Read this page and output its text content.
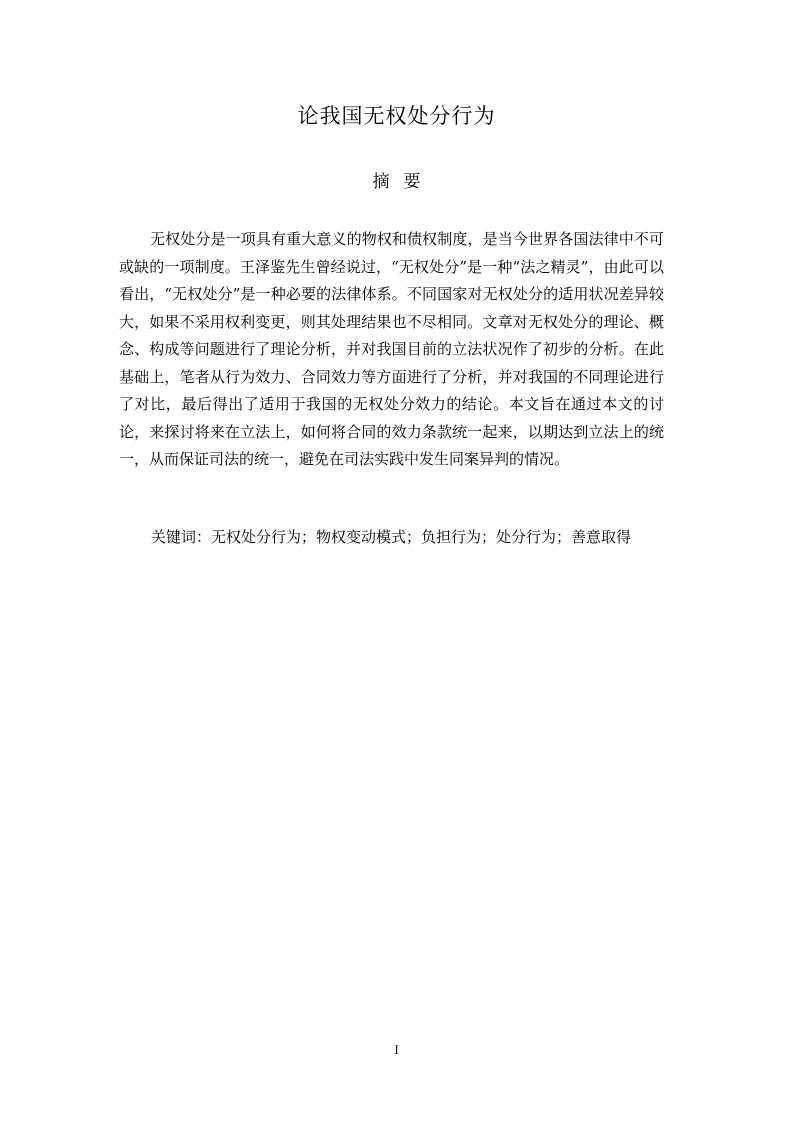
论我国无权处分行为
摘要

无权处分是一项具有重大意义的物权和债权制度，是当今世界各国法律中不可或缺的一项制度。王泽鉴先生曾经说过，“无权处分”是一种“法之精灵”，由此可以看出，“无权处分”是一种必要的法律体系。不同国家对无权处分的适用状况差异较大，如果不采用权利变更，则其处理结果也不尽相同。文章对无权处分的理论、概念、构成等问题进行了理论分析，并对我国目前的立法状况作了初步的分析。在此基础上，笔者从行为效力、合同效力等方面进行了分析，并对我国的不同理论进行了对比，最后得出了适用于我国的无权处分效力的结论。本文旨在通过本文的讨论，来探讨将来在立法上，如何将合同的效力条款统一起来，以期达到立法上的统一，从而保证司法的统一，避免在司法实践中发生同案异判的情况。

关键词：无权处分行为；物权变动模式；负担行为；处分行为；善意取得
I
